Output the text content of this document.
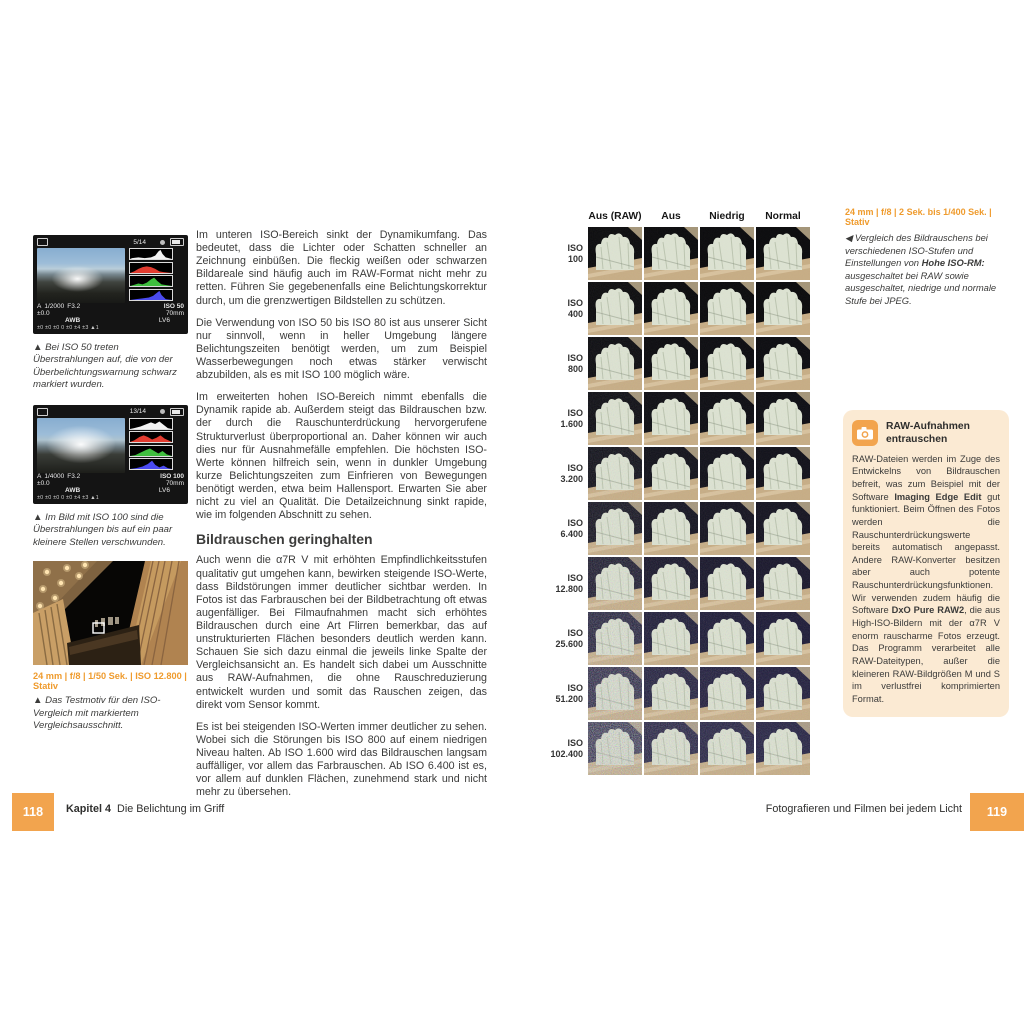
5/14
A 1/2000 F3.2	ISO 50
±0.0	70mm
AWB	LV6
±0 ±0 ±0 0 ±0 ±4 ±3 ▲1
▲ Bei ISO 50 treten Überstrahlungen auf, die von der Überbelichtungswarnung schwarz markiert wurden.
13/14
A 1/4000 F3.2	ISO 100
±0.0	70mm
AWB	LV6
±0 ±0 ±0 0 ±0 ±4 ±3 ▲1
▲ Im Bild mit ISO 100 sind die Überstrahlungen bis auf ein paar kleinere Stellen verschwunden.
24 mm | f/8 | 1/50 Sek. | ISO 12.800 | Stativ
▲ Das Testmotiv für den ISO-Vergleich mit markiertem Vergleichsausschnitt.

Im unteren ISO-Bereich sinkt der Dynamikumfang. Das bedeutet, dass die Lichter oder Schatten schneller an Zeichnung einbüßen. Die fleckig weißen oder schwarzen Bildareale sind häufig auch im RAW-Format nicht mehr zu retten. Führen Sie gegebenenfalls eine Belichtungskorrektur durch, um die grenzwertigen Bildstellen zu schützen.

Die Verwendung von ISO 50 bis ISO 80 ist aus unserer Sicht nur sinnvoll, wenn in heller Umgebung längere Belichtungszeiten benötigt werden, um zum Beispiel Wasserbewegungen noch etwas stärker verwischt abzubilden, als es mit ISO 100 möglich wäre.

Im erweiterten hohen ISO-Bereich nimmt ebenfalls die Dynamik rapide ab. Außerdem steigt das Bildrauschen bzw. der durch die Rauschunterdrückung hervorgerufene Strukturverlust überproportional an. Daher können wir auch dies nur für Ausnahmefälle empfehlen. Die höchsten ISO-Werte können hilfreich sein, wenn in dunkler Umgebung kurze Belichtungszeiten zum Einfrieren von Bewegungen benötigt werden, etwa beim Hallensport. Erwarten Sie aber nicht zu viel an Qualität. Die Detailzeichnung sinkt rapide, wie im folgenden Abschnitt zu sehen.

Bildrauschen geringhalten

Auch wenn die α7R V mit erhöhten Empfindlichkeitsstufen qualitativ gut umgehen kann, bewirken steigende ISO-Werte, dass Bildstörungen immer deutlicher sichtbar werden. In Fotos ist das Farbrauschen bei der Bildbetrachtung oft etwas augenfälliger. Bei Filmaufnahmen macht sich erhöhtes Bildrauschen durch eine Art Flirren bemerkbar, das auf unstrukturierten Flächen besonders deutlich werden kann. Schauen Sie sich dazu einmal die jeweils linke Spalte der Vergleichsansicht an. Es handelt sich dabei um Ausschnitte aus RAW-Aufnahmen, die ohne Rauschreduzierung entwickelt wurden und somit das Rauschen zeigen, das direkt vom Sensor kommt.

Es ist bei steigenden ISO-Werten immer deutlicher zu sehen. Wobei sich die Störungen bis ISO 800 auf einem niedrigen Niveau halten. Ab ISO 1.600 wird das Bildrauschen langsam auffälliger, vor allem das Farbrauschen. Ab ISO 6.400 ist es, vor allem auf dunklen Flächen, zunehmend stark und nicht mehr zu übersehen.

Aus (RAW)	Aus	Niedrig	Normal
ISO
100
ISO
400
ISO
800
ISO
1.600
ISO
3.200
ISO
6.400
ISO
12.800
ISO
25.600
ISO
51.200
ISO
102.400
24 mm | f/8 | 2 Sek. bis 1/400 Sek. | Stativ
◀ Vergleich des Bildrauschens bei verschiedenen ISO-Stufen und Einstellungen von Hohe ISO-RM: ausgeschaltet bei RAW sowie ausgeschaltet, niedrige und normale Stufe bei JPEG.
RAW-Aufnahmen entrauschen
RAW-Dateien werden im Zuge des Entwickelns von Bildrauschen befreit, was zum Beispiel mit der Software Imaging Edge Edit gut funktioniert. Beim Öffnen des Fotos werden die Rauschunterdrückungswerte bereits automatisch angepasst. Andere RAW-Konverter besitzen aber auch potente Rauschunterdrückungsfunktionen. Wir verwenden zudem häufig die Software DxO Pure RAW2, die aus High-ISO-Bildern mit der α7R V enorm rauscharme Fotos erzeugt. Das Programm verarbeitet alle RAW-Dateitypen, außer die kleineren RAW-Bildgrößen M und S im verlustfrei komprimierten Format.
118	Kapitel 4 Die Belichtung im Griff	Fotografieren und Filmen bei jedem Licht	119
